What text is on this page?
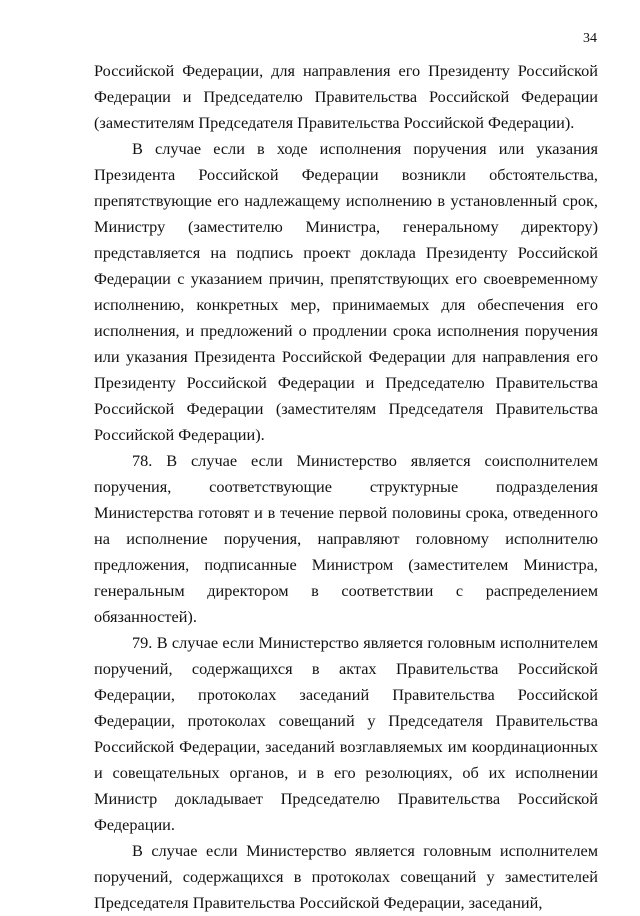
34

Российской Федерации, для направления его Президенту Российской Федерации и Председателю Правительства Российской Федерации (заместителям Председателя Правительства Российской Федерации).

В случае если в ходе исполнения поручения или указания Президента Российской Федерации возникли обстоятельства, препятствующие его надлежащему исполнению в установленный срок, Министру (заместителю Министра, генеральному директору) представляется на подпись проект доклада Президенту Российской Федерации с указанием причин, препятствующих его своевременному исполнению, конкретных мер, принимаемых для обеспечения его исполнения, и предложений о продлении срока исполнения поручения или указания Президента Российской Федерации для направления его Президенту Российской Федерации и Председателю Правительства Российской Федерации (заместителям Председателя Правительства Российской Федерации).

78. В случае если Министерство является соисполнителем поручения, соответствующие структурные подразделения Министерства готовят и в течение первой половины срока, отведенного на исполнение поручения, направляют головному исполнителю предложения, подписанные Министром (заместителем Министра, генеральным директором в соответствии с распределением обязанностей).

79. В случае если Министерство является головным исполнителем поручений, содержащихся в актах Правительства Российской Федерации, протоколах заседаний Правительства Российской Федерации, протоколах совещаний у Председателя Правительства Российской Федерации, заседаний возглавляемых им координационных и совещательных органов, и в его резолюциях, об их исполнении Министр докладывает Председателю Правительства Российской Федерации.

В случае если Министерство является головным исполнителем поручений, содержащихся в протоколах совещаний у заместителей Председателя Правительства Российской Федерации, заседаний,
